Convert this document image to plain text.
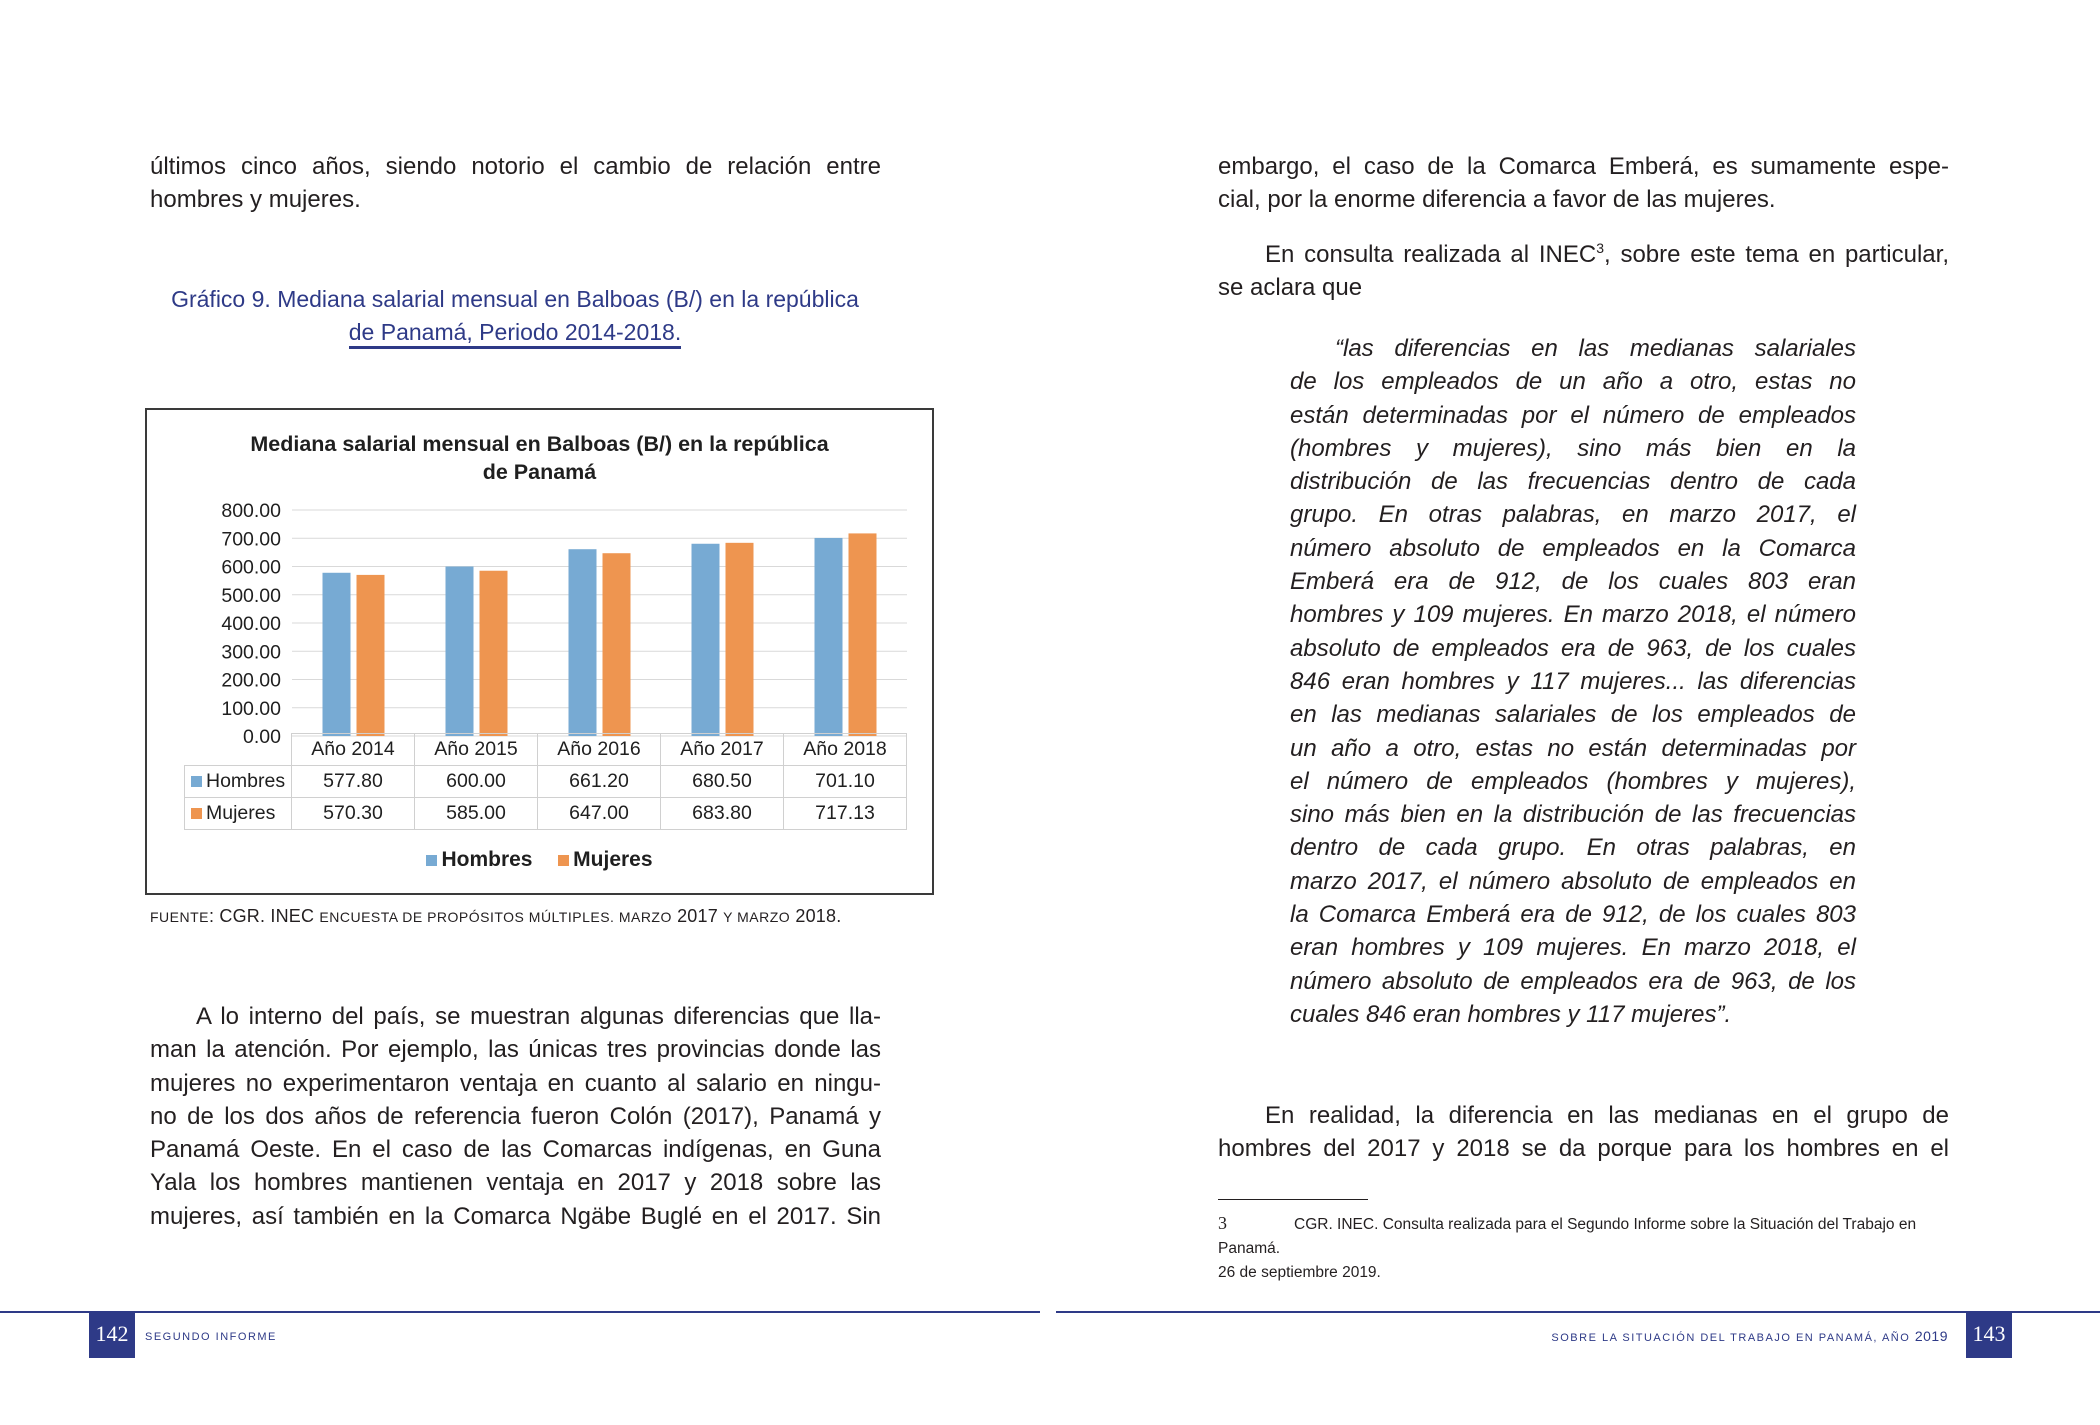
últimos cinco años, siendo notorio el cambio de relación entre
hombres y mujeres.
Gráfico 9. Mediana salarial mensual en Balboas (B/) en la república
de Panamá, Periodo 2014-2018.
Mediana salarial mensual en Balboas (B/) en la república
de Panamá
0.00
100.00
200.00
300.00
400.00
500.00
600.00
700.00
800.00
	Año 2014	Año 2015	Año 2016	Año 2017	Año 2018
Hombres	577.80	600.00	661.20	680.50	701.10
Mujeres	570.30	585.00	647.00	683.80	717.13
Hombres Mujeres
FUENTE: CGR. INEC ENCUESTA DE PROPÓSITOS MÚLTIPLES. MARZO 2017 Y MARZO 2018.
A lo interno del país, se muestran algunas diferencias que lla-
man la atención. Por ejemplo, las únicas tres provincias donde las
mujeres no experimentaron ventaja en cuanto al salario en ningu-
no de los dos años de referencia fueron Colón (2017), Panamá y
Panamá Oeste. En el caso de las Comarcas indígenas, en Guna
Yala los hombres mantienen ventaja en 2017 y 2018 sobre las
mujeres, así también en la Comarca Ngäbe Buglé en el 2017. Sin
142	SEGUNDO INFORME
embargo, el caso de la Comarca Emberá, es sumamente espe-
cial, por la enorme diferencia a favor de las mujeres.
En consulta realizada al INEC$^3$, sobre este tema en particular,
se aclara que
“las diferencias en las medianas salariales
de los empleados de un año a otro, estas no
están determinadas por el número de empleados
(hombres y mujeres), sino más bien en la
distribución de las frecuencias dentro de cada
grupo. En otras palabras, en marzo 2017, el
número absoluto de empleados en la Comarca
Emberá era de 912, de los cuales 803 eran
hombres y 109 mujeres. En marzo 2018, el número
absoluto de empleados era de 963, de los cuales
846 eran hombres y 117 mujeres... las diferencias
en las medianas salariales de los empleados de
un año a otro, estas no están determinadas por
el número de empleados (hombres y mujeres),
sino más bien en la distribución de las frecuencias
dentro de cada grupo. En otras palabras, en
marzo 2017, el número absoluto de empleados en
la Comarca Emberá era de 912, de los cuales 803
eran hombres y 109 mujeres. En marzo 2018, el
número absoluto de empleados era de 963, de los
cuales 846 eran hombres y 117 mujeres”.
En realidad, la diferencia en las medianas en el grupo de
hombres del 2017 y 2018 se da porque para los hombres en el
3	CGR. INEC. Consulta realizada para el Segundo Informe sobre la Situación del Trabajo en Panamá.
26 de septiembre 2019.
SOBRE LA SITUACIÓN DEL TRABAJO EN PANAMÁ, AÑO 2019 143
